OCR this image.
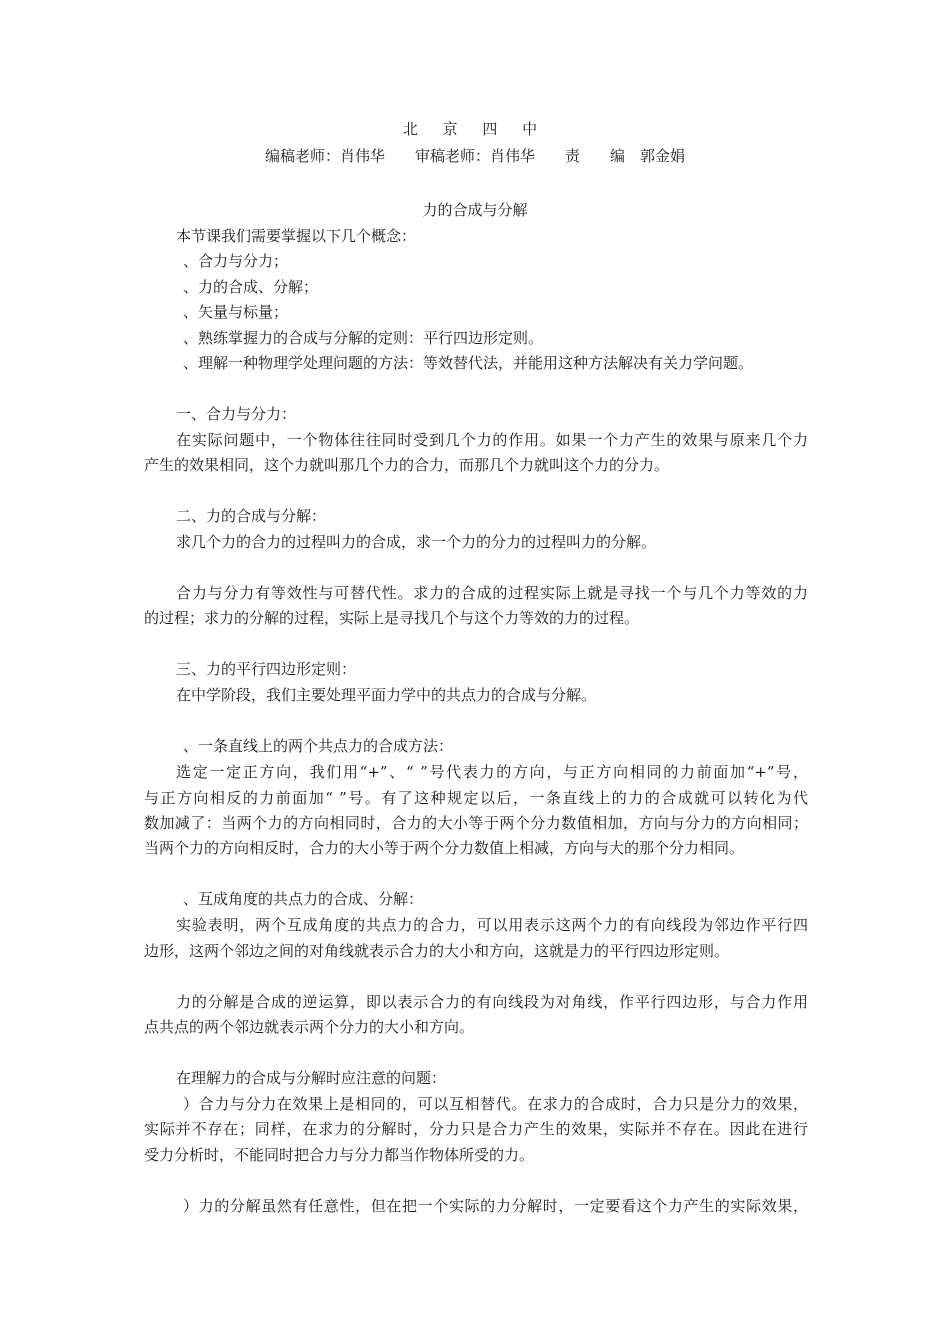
北 京 四 中
编稿老师：肖伟华　　审稿老师：肖伟华　　责　　编　郭金娟
力的合成与分解
本节课我们需要掌握以下几个概念：
、合力与分力；
、力的合成、分解；
、矢量与标量；
、熟练掌握力的合成与分解的定则：平行四边形定则。
、理解一种物理学处理问题的方法：等效替代法，并能用这种方法解决有关力学问题。
一、合力与分力：
在实际问题中，一个物体往往同时受到几个力的作用。如果一个力产生的效果与原来几个力
产生的效果相同，这个力就叫那几个力的合力，而那几个力就叫这个力的分力。
二、力的合成与分解：
求几个力的合力的过程叫力的合成，求一个力的分力的过程叫力的分解。
合力与分力有等效性与可替代性。求力的合成的过程实际上就是寻找一个与几个力等效的力
的过程；求力的分解的过程，实际上是寻找几个与这个力等效的力的过程。
三、力的平行四边形定则：
在中学阶段，我们主要处理平面力学中的共点力的合成与分解。
、一条直线上的两个共点力的合成方法：
选定一定正方向，我们用“+”、“ ”号代表力的方向，与正方向相同的力前面加“+”号，
与正方向相反的力前面加“ ”号。有了这种规定以后，一条直线上的力的合成就可以转化为代
数加减了：当两个力的方向相同时，合力的大小等于两个分力数值相加，方向与分力的方向相同；
当两个力的方向相反时，合力的大小等于两个分力数值上相减，方向与大的那个分力相同。
、互成角度的共点力的合成、分解：
实验表明，两个互成角度的共点力的合力，可以用表示这两个力的有向线段为邻边作平行四
边形，这两个邻边之间的对角线就表示合力的大小和方向，这就是力的平行四边形定则。
力的分解是合成的逆运算，即以表示合力的有向线段为对角线，作平行四边形，与合力作用
点共点的两个邻边就表示两个分力的大小和方向。
在理解力的合成与分解时应注意的问题：
）合力与分力在效果上是相同的，可以互相替代。在求力的合成时，合力只是分力的效果，
实际并不存在；同样，在求力的分解时，分力只是合力产生的效果，实际并不存在。因此在进行
受力分析时，不能同时把合力与分力都当作物体所受的力。
）力的分解虽然有任意性，但在把一个实际的力分解时，一定要看这个力产生的实际效果，
